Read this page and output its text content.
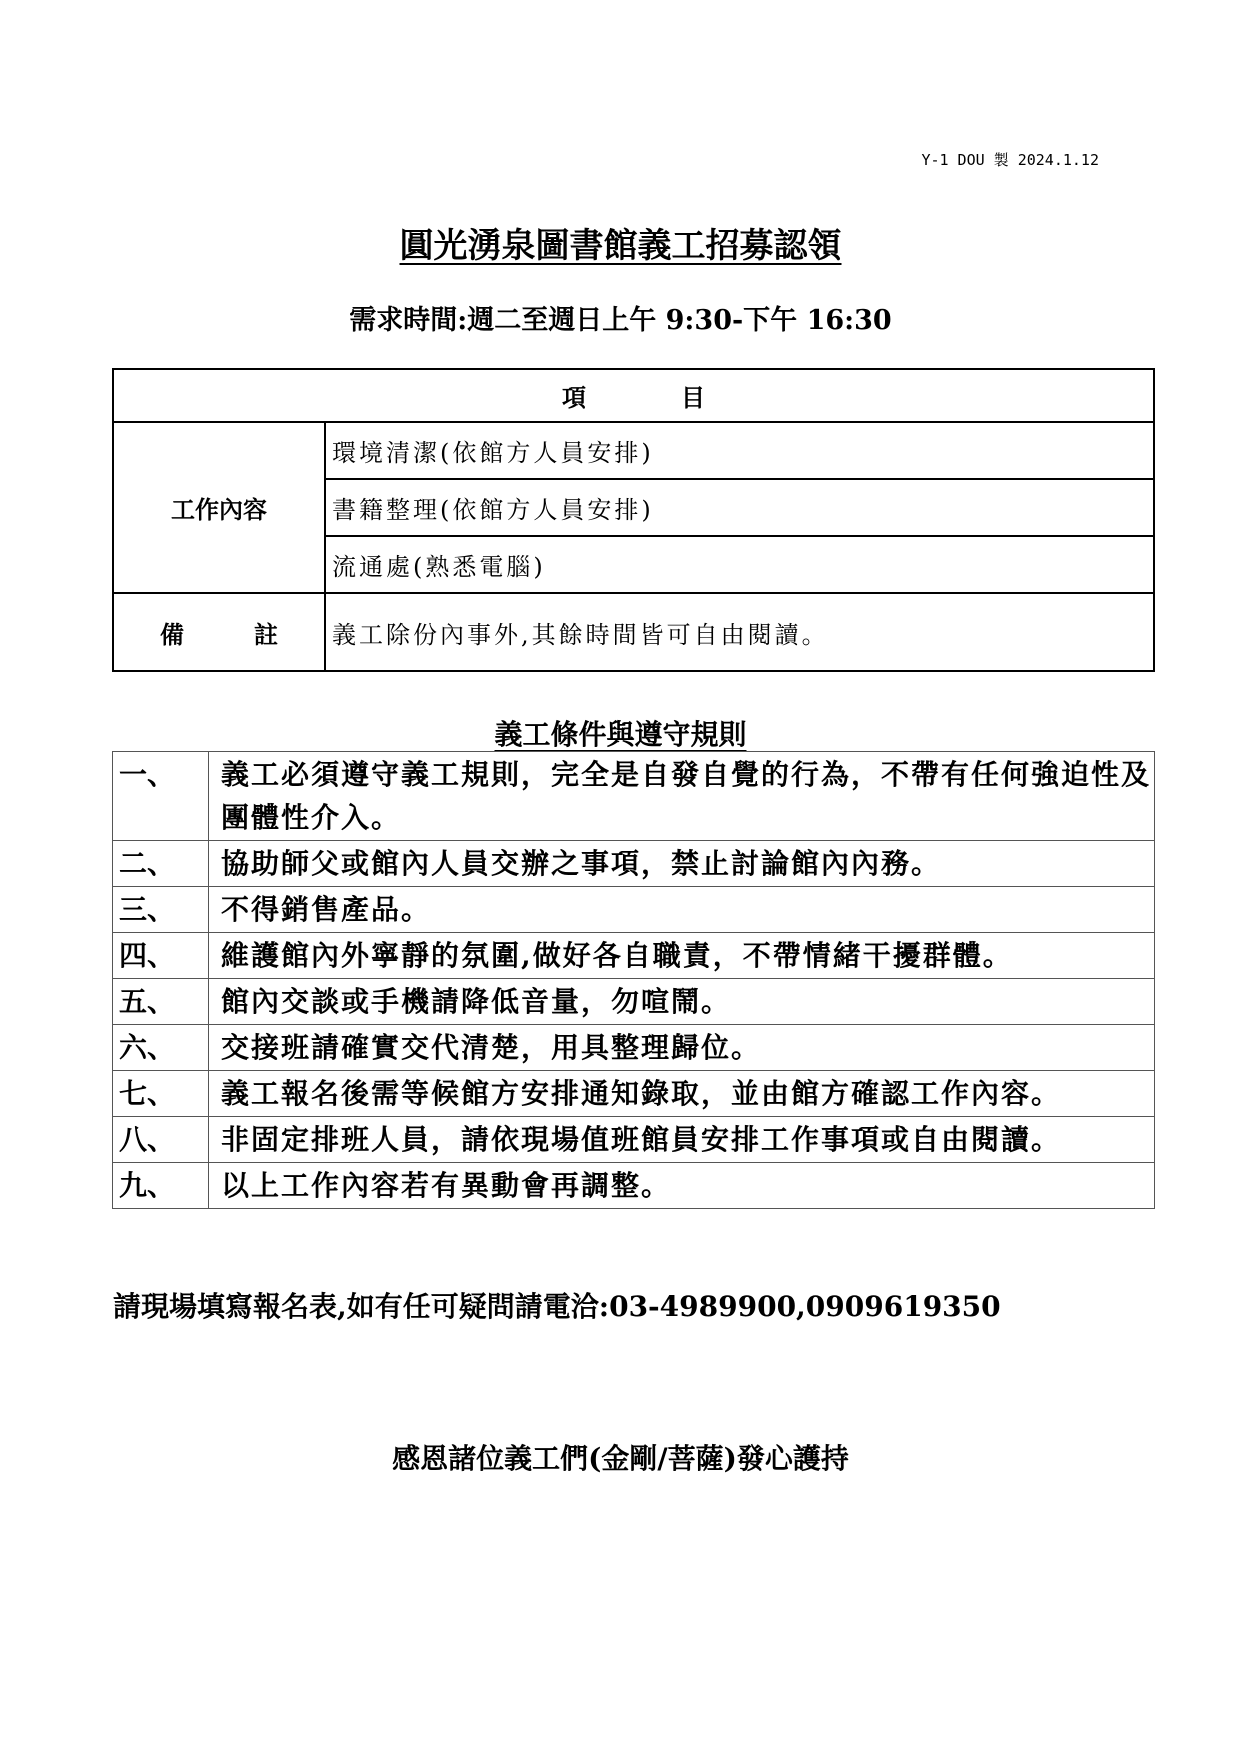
Y-1 DOU 製 2024.1.12
圓光湧泉圖書館義工招募認領
需求時間:週二至週日上午 9:30-下午 16:30
項 目	
工作內容	環境清潔(依館方人員安排)
	書籍整理(依館方人員安排)
	流通處(熟悉電腦)
備 註	義工除份內事外,其餘時間皆可自由閱讀。
義工條件與遵守規則
一、	義工必須遵守義工規則，完全是自發自覺的行為，不帶有任何強迫性及團體性介入。
二、	協助師父或館內人員交辦之事項，禁止討論館內內務。
三、	不得銷售產品。
四、	維護館內外寧靜的氛圍,做好各自職責，不帶情緒干擾群體。
五、	館內交談或手機請降低音量，勿喧鬧。
六、	交接班請確實交代清楚，用具整理歸位。
七、	義工報名後需等候館方安排通知錄取，並由館方確認工作內容。
八、	非固定排班人員，請依現場值班館員安排工作事項或自由閱讀。
九、	以上工作內容若有異動會再調整。
請現場填寫報名表,如有任可疑問請電洽:03-4989900,0909619350
感恩諸位義工們(金剛/菩薩)發心護持
